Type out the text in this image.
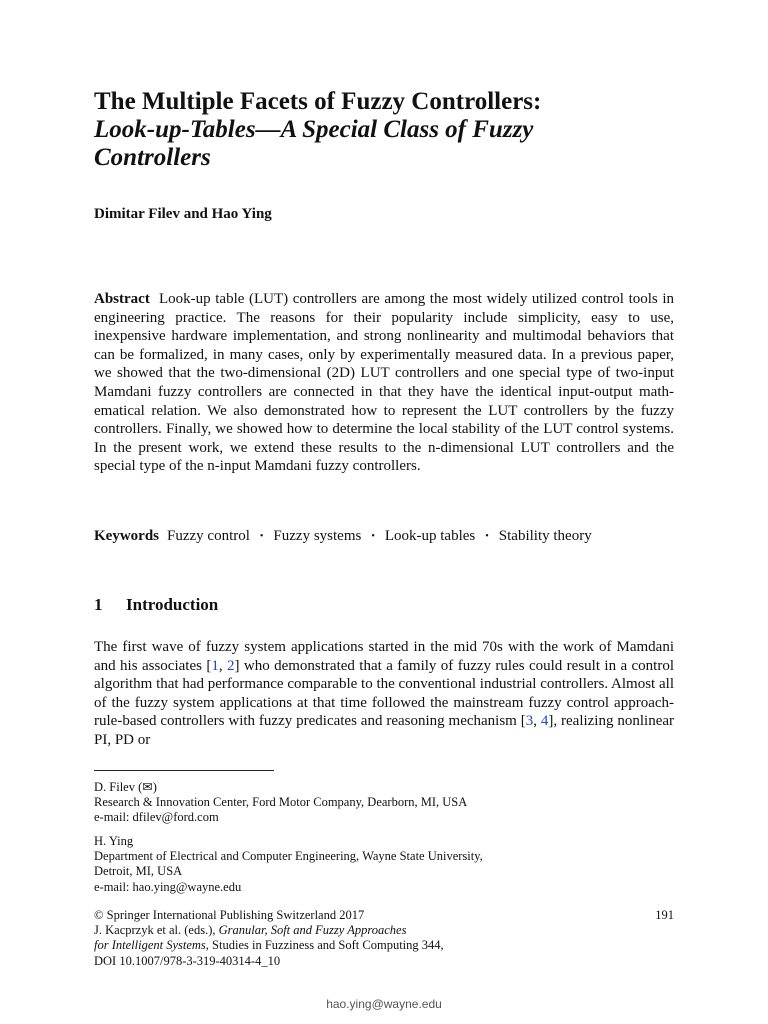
The Multiple Facets of Fuzzy Controllers:
Look-up-Tables—A Special Class of Fuzzy Controllers
Dimitar Filev and Hao Ying

Abstract Look-up table (LUT) controllers are among the most widely utilized control tools in engineering practice. The reasons for their popularity include simplicity, easy to use, inexpensive hardware implementation, and strong nonlinearity and multimodal behaviors that can be formalized, in many cases, only by experimentally measured data. In a previous paper, we showed that the two-dimensional (2D) LUT controllers and one special type of two-input Mamdani fuzzy controllers are connected in that they have the identical input-output mathematical relation. We also demonstrated how to represent the LUT controllers by the fuzzy controllers. Finally, we showed how to determine the local stability of the LUT control systems. In the present work, we extend these results to the n-dimensional LUT controllers and the special type of the n-input Mamdani fuzzy controllers.

Keywords Fuzzy control • Fuzzy systems • Look-up tables • Stability theory
1 Introduction

The first wave of fuzzy system applications started in the mid 70s with the work of Mamdani and his associates [1, 2] who demonstrated that a family of fuzzy rules could result in a control algorithm that had performance comparable to the conventional industrial controllers. Almost all of the fuzzy system applications at that time followed the mainstream fuzzy control approach-rule-based controllers with fuzzy predicates and reasoning mechanism [3, 4], realizing nonlinear PI, PD or

D. Filev (✉)
Research & Innovation Center, Ford Motor Company, Dearborn, MI, USA
e-mail: dfilev@ford.com
H. Ying
Department of Electrical and Computer Engineering, Wayne State University,
Detroit, MI, USA
e-mail: hao.ying@wayne.edu
© Springer International Publishing Switzerland 2017	191
J. Kacprzyk et al. (eds.), Granular, Soft and Fuzzy Approaches
for Intelligent Systems, Studies in Fuzziness and Soft Computing 344,
DOI 10.1007/978-3-319-40314-4_10
hao.ying@wayne.edu
